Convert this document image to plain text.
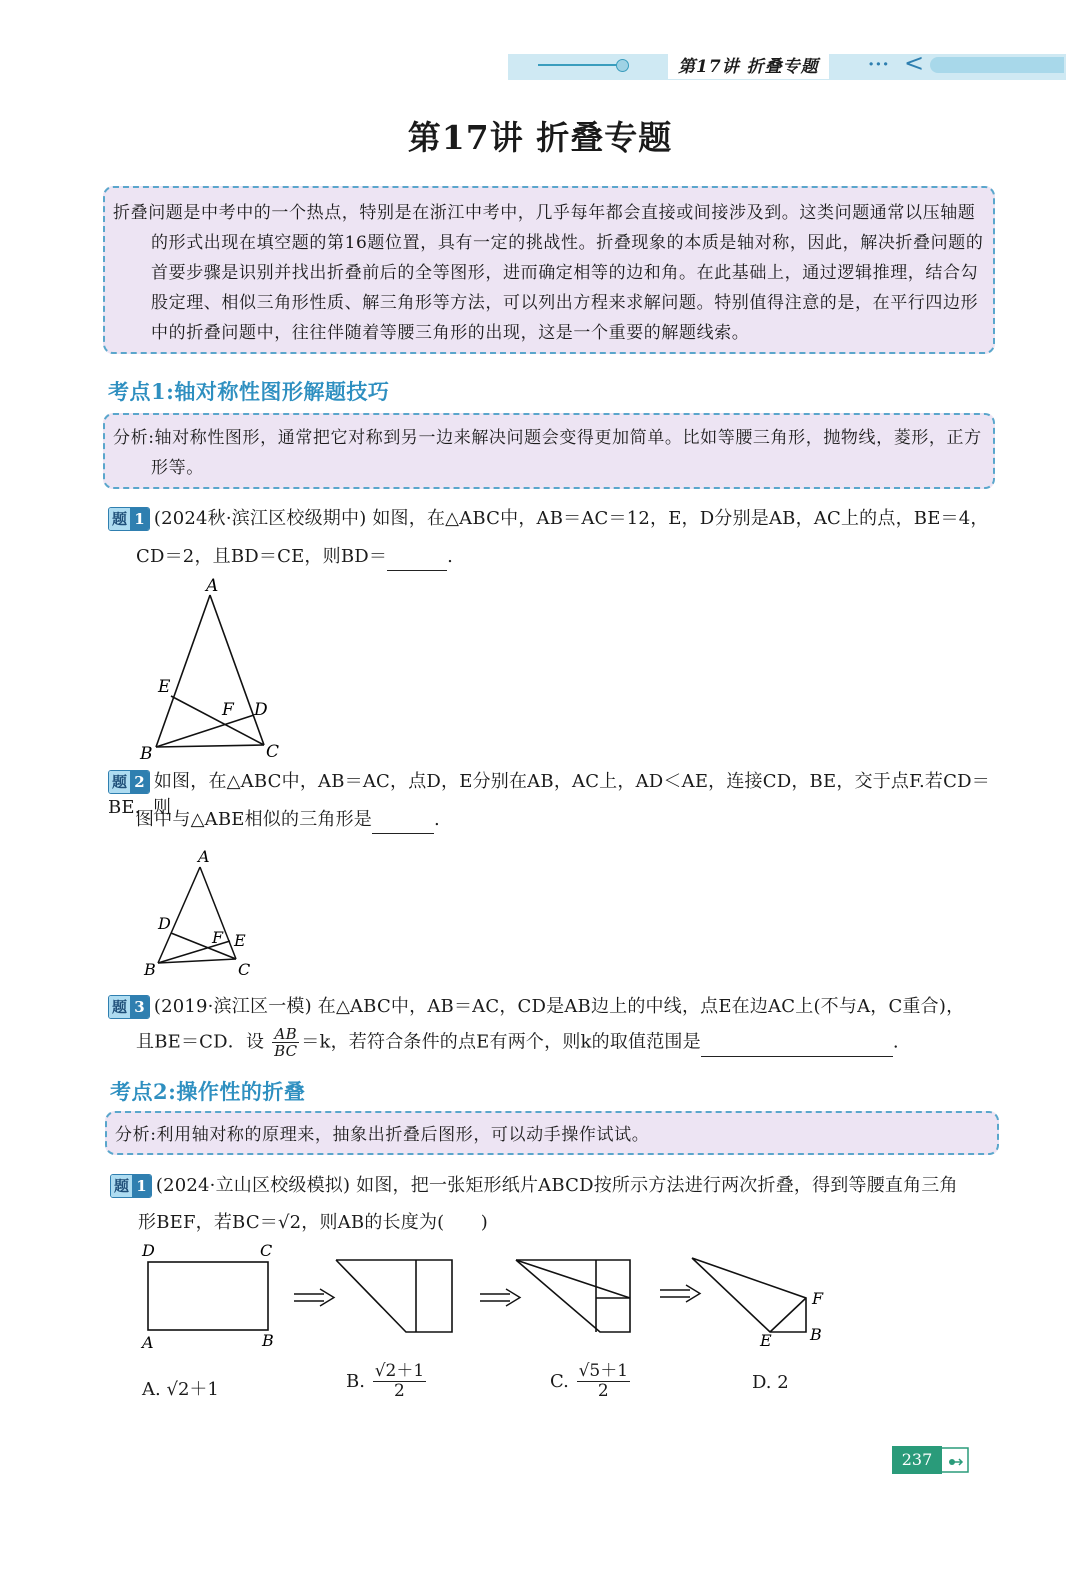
第17讲 折叠专题	··· <
第17讲 折叠专题

折叠问题是中考中的一个热点，特别是在浙江中考中，几乎每年都会直接或间接涉及到。这类问题通常以压轴题的形式出现在填空题的第16题位置，具有一定的挑战性。折叠现象的本质是轴对称，因此，解决折叠问题的首要步骤是识别并找出折叠前后的全等图形，进而确定相等的边和角。在此基础上，通过逻辑推理，结合勾股定理、相似三角形性质、解三角形等方法，可以列出方程来求解问题。特别值得注意的是，在平行四边形中的折叠问题中，往往伴随着等腰三角形的出现，这是一个重要的解题线索。

考点1:轴对称性图形解题技巧

分析:轴对称性图形，通常把它对称到另一边来解决问题会变得更加简单。比如等腰三角形，抛物线，菱形，正方形等。

题 1 (2024秋·滨江区校级期中) 如图，在△ABC中，AB＝AC＝12，E，D分别是AB，AC上的点，BE＝4，
CD＝2，且BD＝CE，则BD＝	.
A
E
F D
B	C
题 2 如图，在△ABC中，AB＝AC，点D，E分别在AB，AC上，AD＜AE，连接CD，BE，交于点F.若CD＝BE，则
图中与△ABE相似的三角形是	.
A
D
F E
B	C
题 3 (2019·滨江区一模) 在△ABC中，AB＝AC，CD是AB边上的中线，点E在边AC上(不与A，C重合)，
且BE＝CD．设 $\frac{AB}{BC} =k$，若符合条件的点E有两个，则k的取值范围是	.
考点2:操作性的折叠

分析:利用轴对称的原理来，抽象出折叠后图形，可以动手操作试试。

题 1 (2024·立山区校级模拟) 如图，把一张矩形纸片ABCD按所示方法进行两次折叠，得到等腰直角三角
形BEF，若BC＝√2，则AB的长度为(　　)
D	C
A	B
F
E B
A. √2＋1	B. $\frac{√2+1}{2}$	C. $\frac{√5+1}{2}$	D. 2
237
